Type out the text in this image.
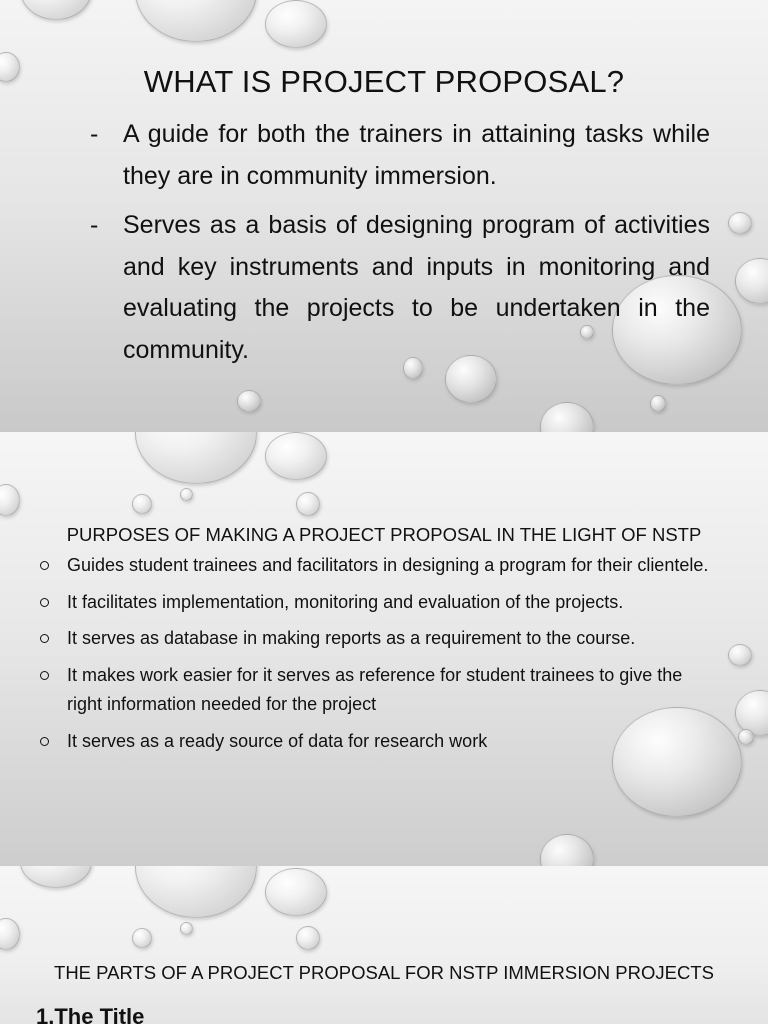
WHAT IS PROJECT PROPOSAL?
- A guide for both the trainers in attaining tasks while they are in community immersion.
- Serves as a basis of designing program of activities and key instruments and inputs in monitoring and evaluating the projects to be undertaken in the community.
PURPOSES OF MAKING A PROJECT PROPOSAL IN THE LIGHT OF NSTP
Guides student trainees and facilitators in designing a program for their clientele.
It facilitates implementation, monitoring and evaluation of the projects.
It serves as database in making reports as a requirement to the course.
It makes work easier for it serves as reference for student trainees to give the right information needed for the project
It serves as a ready source of data for research work
THE PARTS OF A PROJECT PROPOSAL FOR NSTP IMMERSION PROJECTS
1.The Title
